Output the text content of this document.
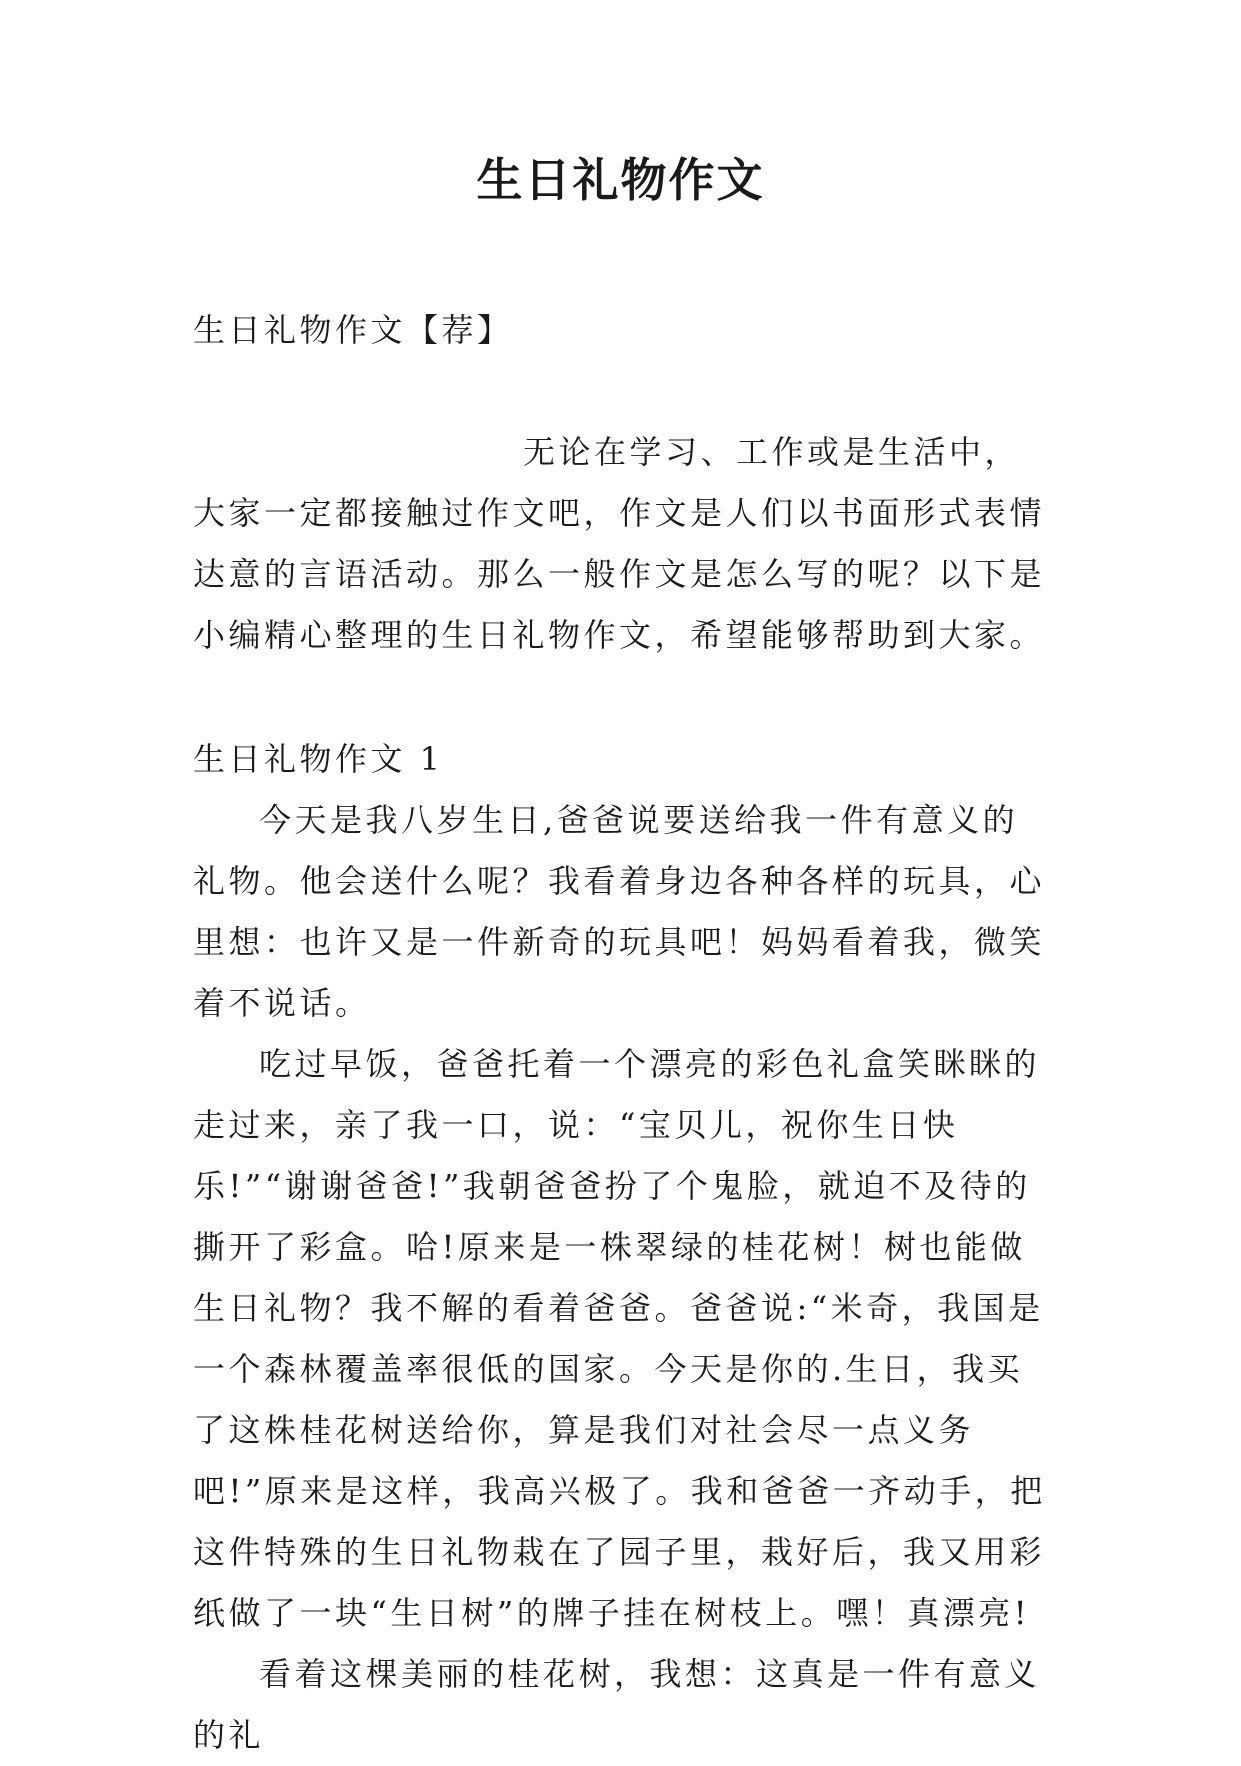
生日礼物作文

生日礼物作文【荐】

无论在学习、工作或是生活中，大家一定都接触过作文吧，作文是人们以书面形式表情达意的言语活动。那么一般作文是怎么写的呢？以下是小编精心整理的生日礼物作文，希望能够帮助到大家。

生日礼物作文 1

今天是我八岁生日,爸爸说要送给我一件有意义的礼物。他会送什么呢？我看着身边各种各样的玩具，心里想：也许又是一件新奇的玩具吧！妈妈看着我，微笑着不说话。

吃过早饭，爸爸托着一个漂亮的彩色礼盒笑眯眯的走过来，亲了我一口，说：“宝贝儿，祝你生日快乐!”“谢谢爸爸!”我朝爸爸扮了个鬼脸，就迫不及待的撕开了彩盒。哈!原来是一株翠绿的桂花树！树也能做生日礼物？我不解的看着爸爸。爸爸说:“米奇，我国是一个森林覆盖率很低的国家。今天是你的.生日，我买了这株桂花树送给你，算是我们对社会尽一点义务吧!”原来是这样，我高兴极了。我和爸爸一齐动手，把这件特殊的生日礼物栽在了园子里，栽好后，我又用彩纸做了一块“生日树”的牌子挂在树枝上。嘿！真漂亮!

看着这棵美丽的桂花树，我想：这真是一件有意义的礼
